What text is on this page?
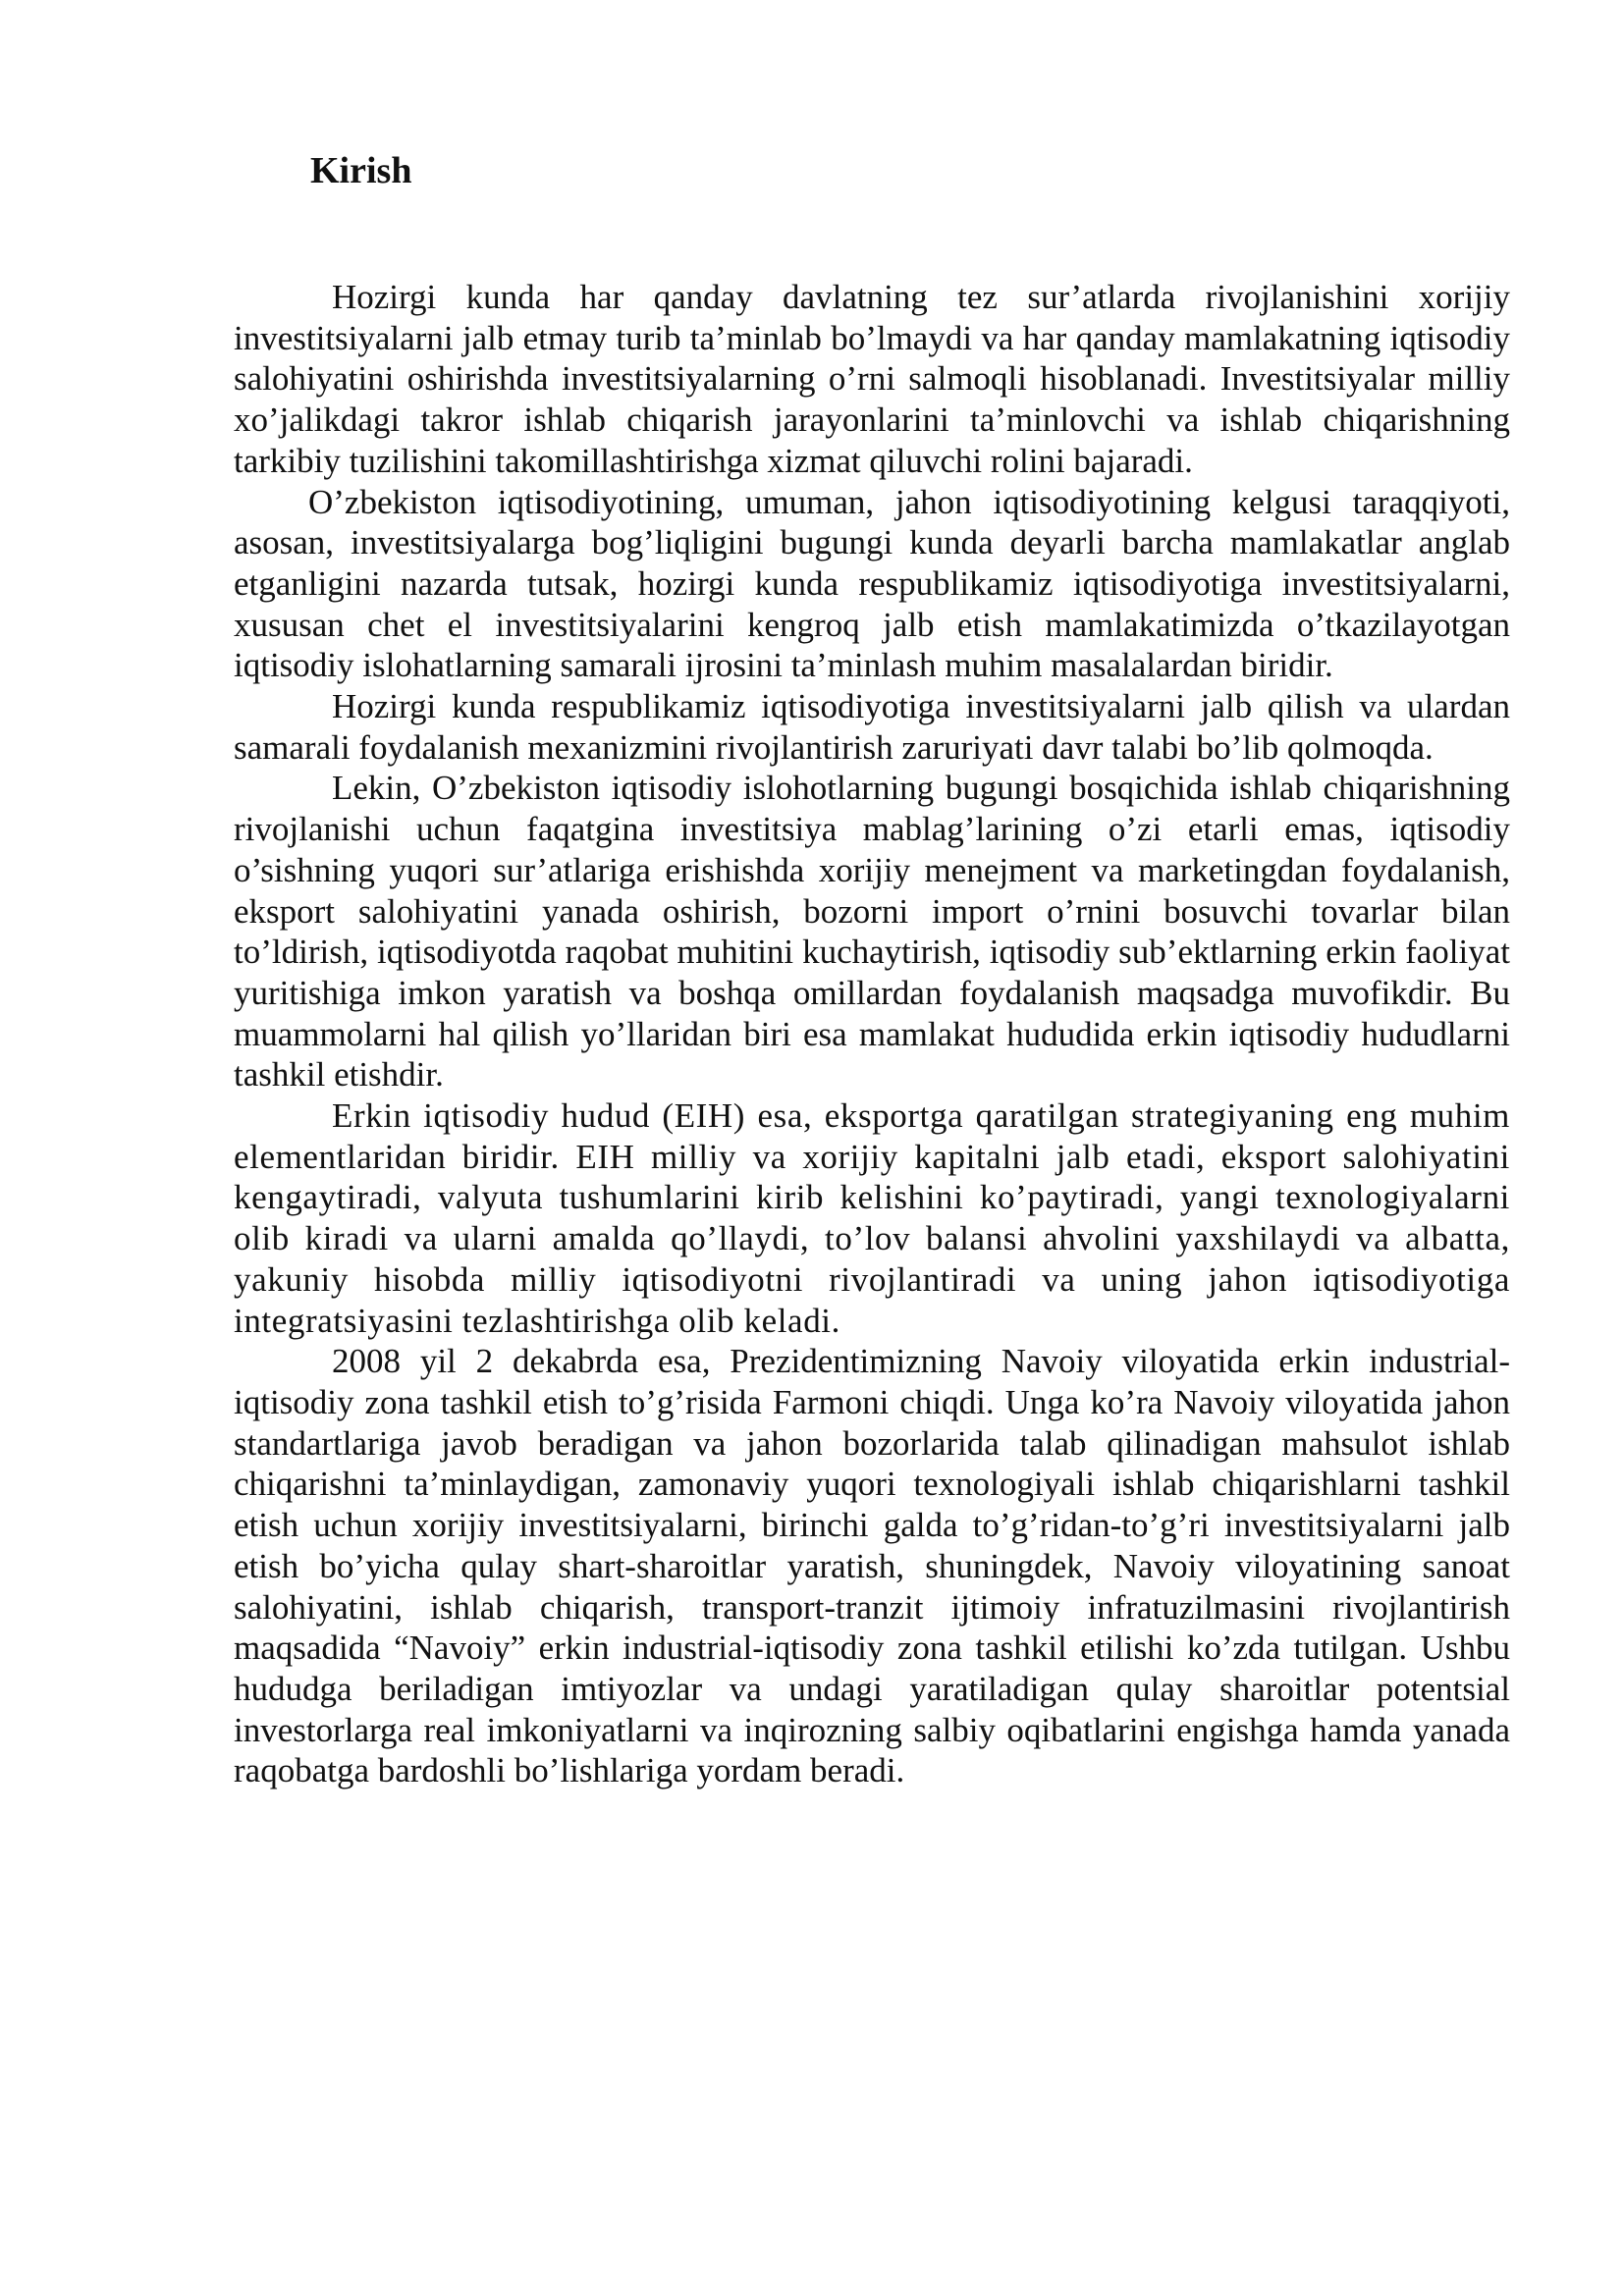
Kirish

Hozirgi kunda har qanday davlatning tez sur’atlarda rivojlanishini xorijiy investitsiyalarni jalb etmay turib ta’minlab bo’lmaydi va har qanday mamlakatning iqtisodiy salohiyatini oshirishda investitsiyalarning o’rni salmoqli hisoblanadi. Investitsiyalar milliy xo’jalikdagi takror ishlab chiqarish jarayonlarini ta’minlovchi va ishlab chiqarishning tarkibiy tuzilishini takomillashtirishga xizmat qiluvchi rolini bajaradi.

O’zbekiston iqtisodiyotining, umuman, jahon iqtisodiyotining kelgusi taraqqiyoti, asosan, investitsiyalarga bog’liqligini bugungi kunda deyarli barcha mamlakatlar anglab etganligini nazarda tutsak, hozirgi kunda respublikamiz iqtisodiyotiga investitsiyalarni, xususan chet el investitsiyalarini kengroq jalb etish mamlakatimizda o’tkazilayotgan iqtisodiy islohatlarning samarali ijrosini ta’minlash muhim masalalardan biridir.

Hozirgi kunda respublikamiz iqtisodiyotiga investitsiyalarni jalb qilish va ulardan samarali foydalanish mexanizmini rivojlantirish zaruriyati davr talabi bo’lib qolmoqda.

Lekin, O’zbekiston iqtisodiy islohotlarning bugungi bosqichida ishlab chiqarishning rivojlanishi uchun faqatgina investitsiya mablag’larining o’zi etarli emas, iqtisodiy o’sishning yuqori sur’atlariga erishishda xorijiy menejment va marketingdan foydalanish, eksport salohiyatini yanada oshirish, bozorni import o’rnini bosuvchi tovarlar bilan to’ldirish, iqtisodiyotda raqobat muhitini kuchaytirish, iqtisodiy sub’ektlarning erkin faoliyat yuritishiga imkon yaratish va boshqa omillardan foydalanish maqsadga muvofikdir. Bu muammolarni hal qilish yo’llaridan biri esa mamlakat hududida erkin iqtisodiy hududlarni tashkil etishdir.

Erkin iqtisodiy hudud (EIH) esa, eksportga qaratilgan strategiyaning eng muhim elementlaridan biridir. EIH milliy va xorijiy kapitalni jalb etadi, eksport salohiyatini kengaytiradi, valyuta tushumlarini kirib kelishini ko’paytiradi, yangi texnologiyalarni olib kiradi va ularni amalda qo’llaydi, to’lov balansi ahvolini yaxshilaydi va albatta, yakuniy hisobda milliy iqtisodiyotni rivojlantiradi va uning jahon iqtisodiyotiga integratsiyasini tezlashtirishga olib keladi.

2008 yil 2 dekabrda esa, Prezidentimizning Navoiy viloyatida erkin industrial-iqtisodiy zona tashkil etish to’g’risida Farmoni chiqdi. Unga ko’ra Navoiy viloyatida jahon standartlariga javob beradigan va jahon bozorlarida talab qilinadigan mahsulot ishlab chiqarishni ta’minlaydigan, zamonaviy yuqori texnologiyali ishlab chiqarishlarni tashkil etish uchun xorijiy investitsiyalarni, birinchi galda to’g’ridan-to’g’ri investitsiyalarni jalb etish bo’yicha qulay shart-sharoitlar yaratish, shuningdek, Navoiy viloyatining sanoat salohiyatini, ishlab chiqarish, transport-tranzit ijtimoiy infratuzilmasini rivojlantirish maqsadida “Navoiy” erkin industrial-iqtisodiy zona tashkil etilishi ko’zda tutilgan. Ushbu hududga beriladigan imtiyozlar va undagi yaratiladigan qulay sharoitlar potentsial investorlarga real imkoniyatlarni va inqirozning salbiy oqibatlarini engishga hamda yanada raqobatga bardoshli bo’lishlariga yordam beradi.
